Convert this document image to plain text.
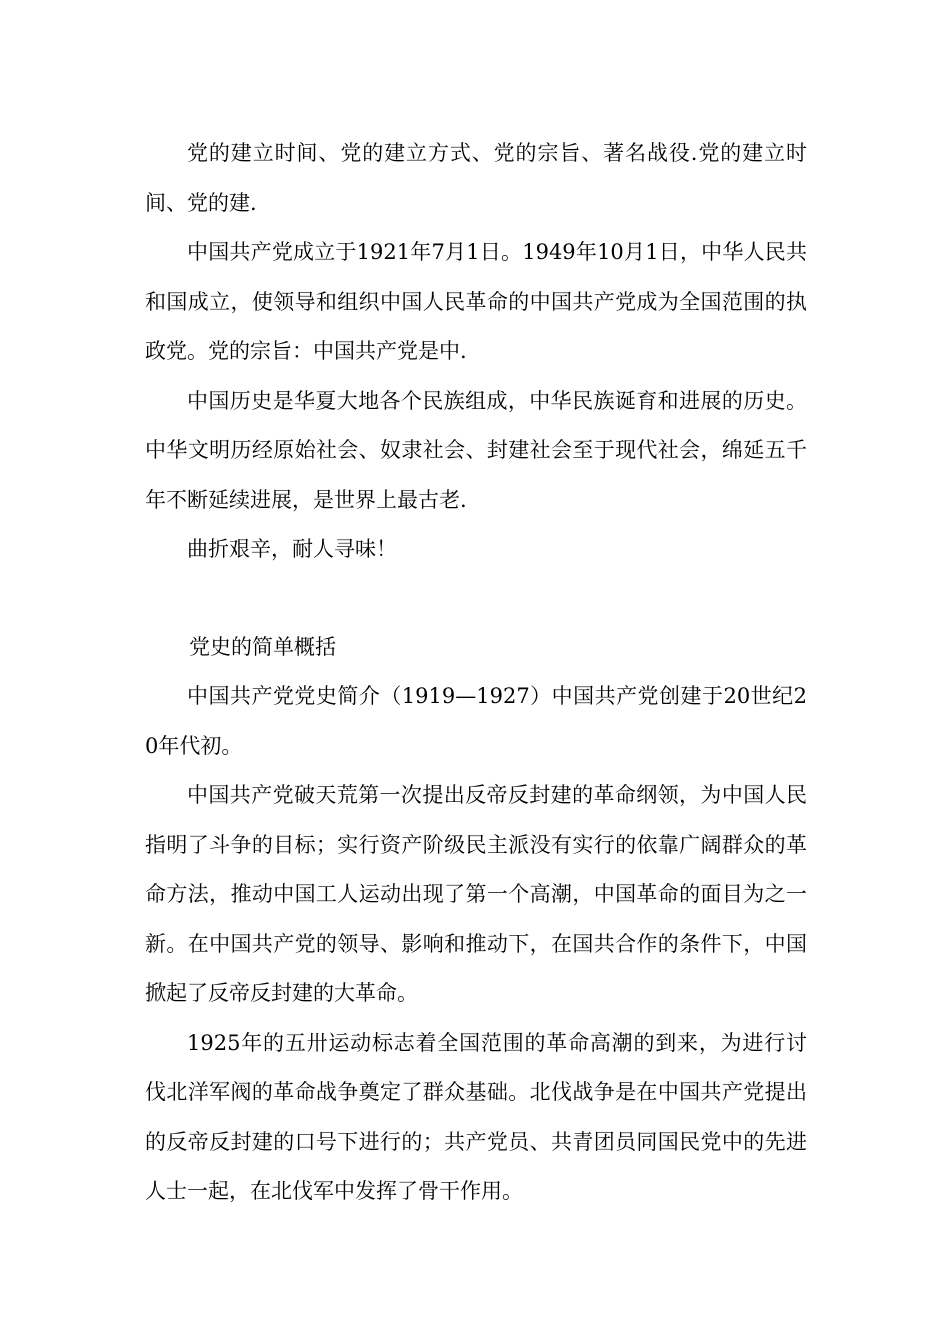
党的建立时间、党的建立方式、党的宗旨、著名战役.党的建立时间、党的建.

中国共产党成立于1921年7月1日。1949年10月1日，中华人民共和国成立，使领导和组织中国人民革命的中国共产党成为全国范围的执政党。党的宗旨：中国共产党是中.

中国历史是华夏大地各个民族组成，中华民族诞育和进展的历史。中华文明历经原始社会、奴隶社会、封建社会至于现代社会，绵延五千年不断延续进展，是世界上最古老.

曲折艰辛，耐人寻味！

党史的简单概括

中国共产党党史简介（1919—1927）中国共产党创建于20世纪20年代初。

中国共产党破天荒第一次提出反帝反封建的革命纲领，为中国人民指明了斗争的目标；实行资产阶级民主派没有实行的依靠广阔群众的革命方法，推动中国工人运动出现了第一个高潮，中国革命的面目为之一新。在中国共产党的领导、影响和推动下，在国共合作的条件下，中国掀起了反帝反封建的大革命。

1925年的五卅运动标志着全国范围的革命高潮的到来，为进行讨伐北洋军阀的革命战争奠定了群众基础。北伐战争是在中国共产党提出的反帝反封建的口号下进行的；共产党员、共青团员同国民党中的先进人士一起，在北伐军中发挥了骨干作用。
